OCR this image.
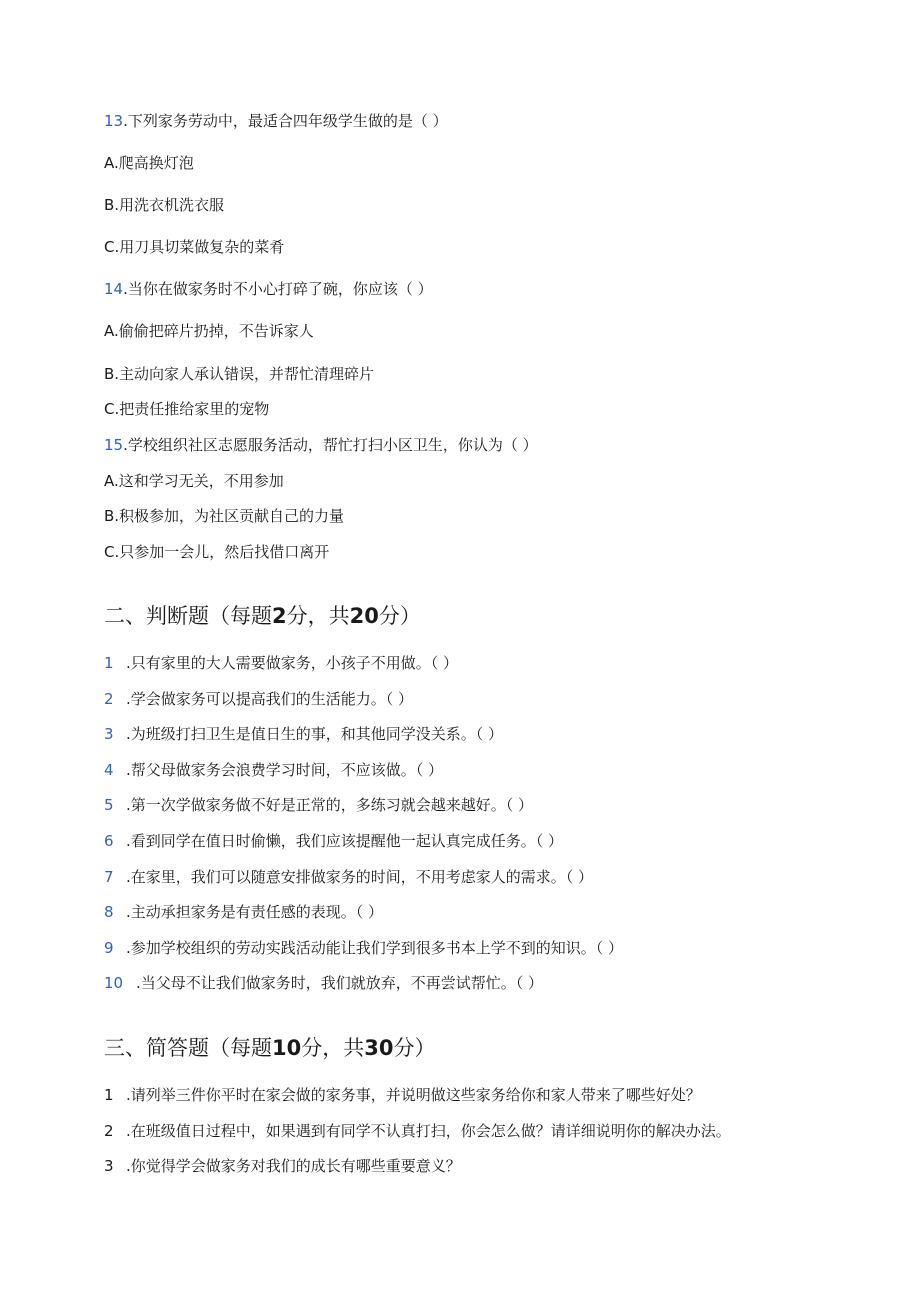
13.下列家务劳动中，最适合四年级学生做的是（ ）
A.爬高换灯泡
B.用洗衣机洗衣服
C.用刀具切菜做复杂的菜肴
14.当你在做家务时不小心打碎了碗，你应该（ ）
A.偷偷把碎片扔掉，不告诉家人
B.主动向家人承认错误，并帮忙清理碎片
C.把责任推给家里的宠物
15.学校组织社区志愿服务活动，帮忙打扫小区卫生，你认为（ ）
A.这和学习无关，不用参加
B.积极参加，为社区贡献自己的力量
C.只参加一会儿，然后找借口离开
二、判断题（每题2分，共20分）
1 .只有家里的大人需要做家务，小孩子不用做。（ ）
2 .学会做家务可以提高我们的生活能力。（ ）
3 .为班级打扫卫生是值日生的事，和其他同学没关系。（ ）
4 .帮父母做家务会浪费学习时间，不应该做。（ ）
5 .第一次学做家务做不好是正常的，多练习就会越来越好。（ ）
6 .看到同学在值日时偷懒，我们应该提醒他一起认真完成任务。（ ）
7 .在家里，我们可以随意安排做家务的时间，不用考虑家人的需求。（ ）
8 .主动承担家务是有责任感的表现。（ ）
9 .参加学校组织的劳动实践活动能让我们学到很多书本上学不到的知识。（ ）
10 .当父母不让我们做家务时，我们就放弃，不再尝试帮忙。（ ）
三、简答题（每题10分，共30分）
1 .请列举三件你平时在家会做的家务事，并说明做这些家务给你和家人带来了哪些好处？
2 .在班级值日过程中，如果遇到有同学不认真打扫，你会怎么做？请详细说明你的解决办法。
3 .你觉得学会做家务对我们的成长有哪些重要意义？
